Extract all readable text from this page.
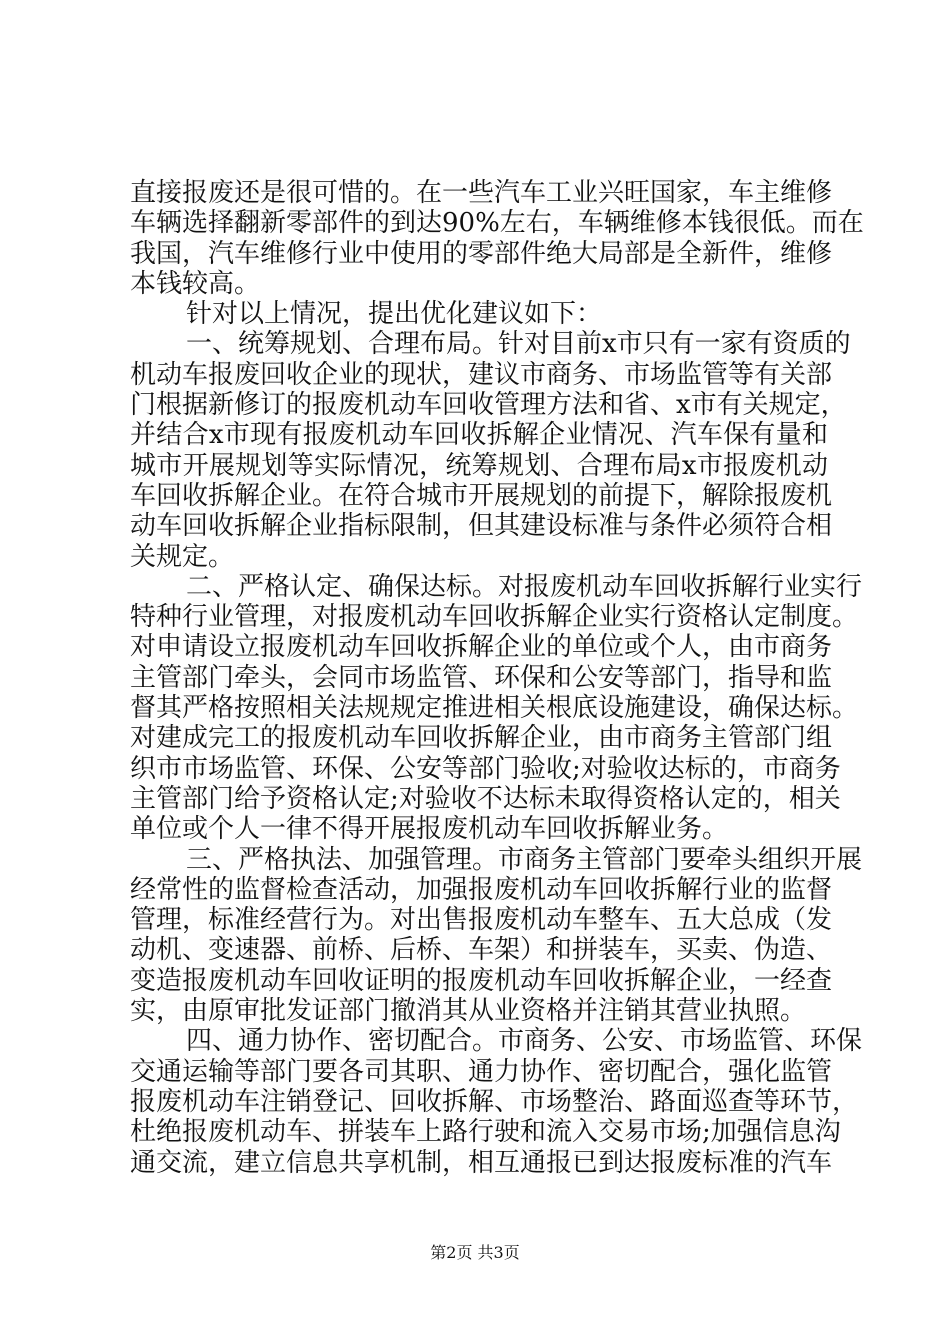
直接报废还是很可惜的。在一些汽车工业兴旺国家，车主维修
车辆选择翻新零部件的到达90%左右，车辆维修本钱很低。而在
我国，汽车维修行业中使用的零部件绝大局部是全新件，维修
本钱较高。
针对以上情况，提出优化建议如下：
一、统筹规划、合理布局。针对目前x市只有一家有资质的
机动车报废回收企业的现状，建议市商务、市场监管等有关部
门根据新修订的报废机动车回收管理方法和省、x市有关规定，
并结合x市现有报废机动车回收拆解企业情况、汽车保有量和
城市开展规划等实际情况，统筹规划、合理布局x市报废机动
车回收拆解企业。在符合城市开展规划的前提下，解除报废机
动车回收拆解企业指标限制，但其建设标准与条件必须符合相
关规定。
二、严格认定、确保达标。对报废机动车回收拆解行业实行
特种行业管理，对报废机动车回收拆解企业实行资格认定制度。
对申请设立报废机动车回收拆解企业的单位或个人，由市商务
主管部门牵头，会同市场监管、环保和公安等部门，指导和监
督其严格按照相关法规规定推进相关根底设施建设，确保达标。
对建成完工的报废机动车回收拆解企业，由市商务主管部门组
织市市场监管、环保、公安等部门验收;对验收达标的，市商务
主管部门给予资格认定;对验收不达标未取得资格认定的，相关
单位或个人一律不得开展报废机动车回收拆解业务。
三、严格执法、加强管理。市商务主管部门要牵头组织开展
经常性的监督检查活动，加强报废机动车回收拆解行业的监督
管理，标准经营行为。对出售报废机动车整车、五大总成（发
动机、变速器、前桥、后桥、车架）和拼装车，买卖、伪造、
变造报废机动车回收证明的报废机动车回收拆解企业，一经查
实，由原审批发证部门撤消其从业资格并注销其营业执照。
四、通力协作、密切配合。市商务、公安、市场监管、环保
交通运输等部门要各司其职、通力协作、密切配合，强化监管
报废机动车注销登记、回收拆解、市场整治、路面巡查等环节，
杜绝报废机动车、拼装车上路行驶和流入交易市场;加强信息沟
通交流，建立信息共享机制，相互通报已到达报废标准的汽车
第2页 共3页
